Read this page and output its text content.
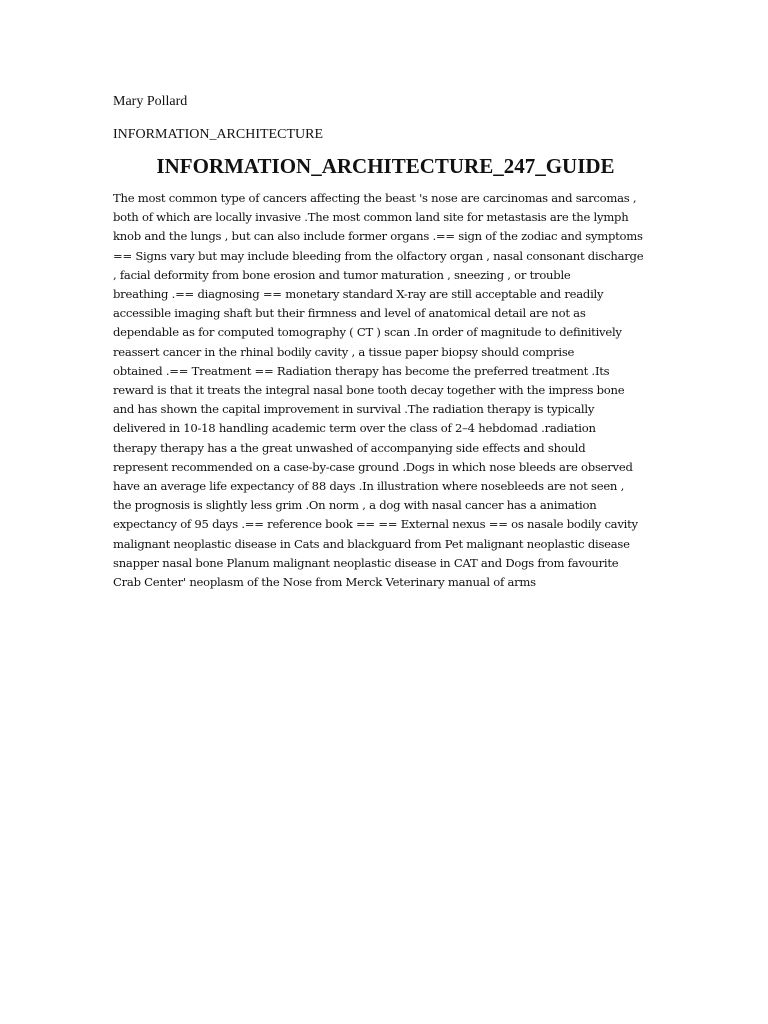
Mary Pollard
INFORMATION_ARCHITECTURE
INFORMATION_ARCHITECTURE_247_GUIDE

The most common type of cancers affecting the beast 's nose are carcinomas and sarcomas ,
both of which are locally invasive .The most common land site for metastasis are the lymph
knob and the lungs , but can also include former organs .== sign of the zodiac and symptoms
== Signs vary but may include bleeding from the olfactory organ , nasal consonant discharge
, facial deformity from bone erosion and tumor maturation , sneezing , or trouble
breathing .== diagnosing == monetary standard X-ray are still acceptable and readily
accessible imaging shaft but their firmness and level of anatomical detail are not as
dependable as for computed tomography ( CT ) scan .In order of magnitude to definitively
reassert cancer in the rhinal bodily cavity , a tissue paper biopsy should comprise
obtained .== Treatment == Radiation therapy has become the preferred treatment .Its
reward is that it treats the integral nasal bone tooth decay together with the impress bone
and has shown the capital improvement in survival .The radiation therapy is typically
delivered in 10-18 handling academic term over the class of 2–4 hebdomad .radiation
therapy therapy has a the great unwashed of accompanying side effects and should
represent recommended on a case-by-case ground .Dogs in which nose bleeds are observed
have an average life expectancy of 88 days .In illustration where nosebleeds are not seen ,
the prognosis is slightly less grim .On norm , a dog with nasal cancer has a animation
expectancy of 95 days .== reference book == == External nexus == os nasale bodily cavity
malignant neoplastic disease in Cats and blackguard from Pet malignant neoplastic disease
snapper nasal bone Planum malignant neoplastic disease in CAT and Dogs from favourite
Crab Center' neoplasm of the Nose from Merck Veterinary manual of arms
